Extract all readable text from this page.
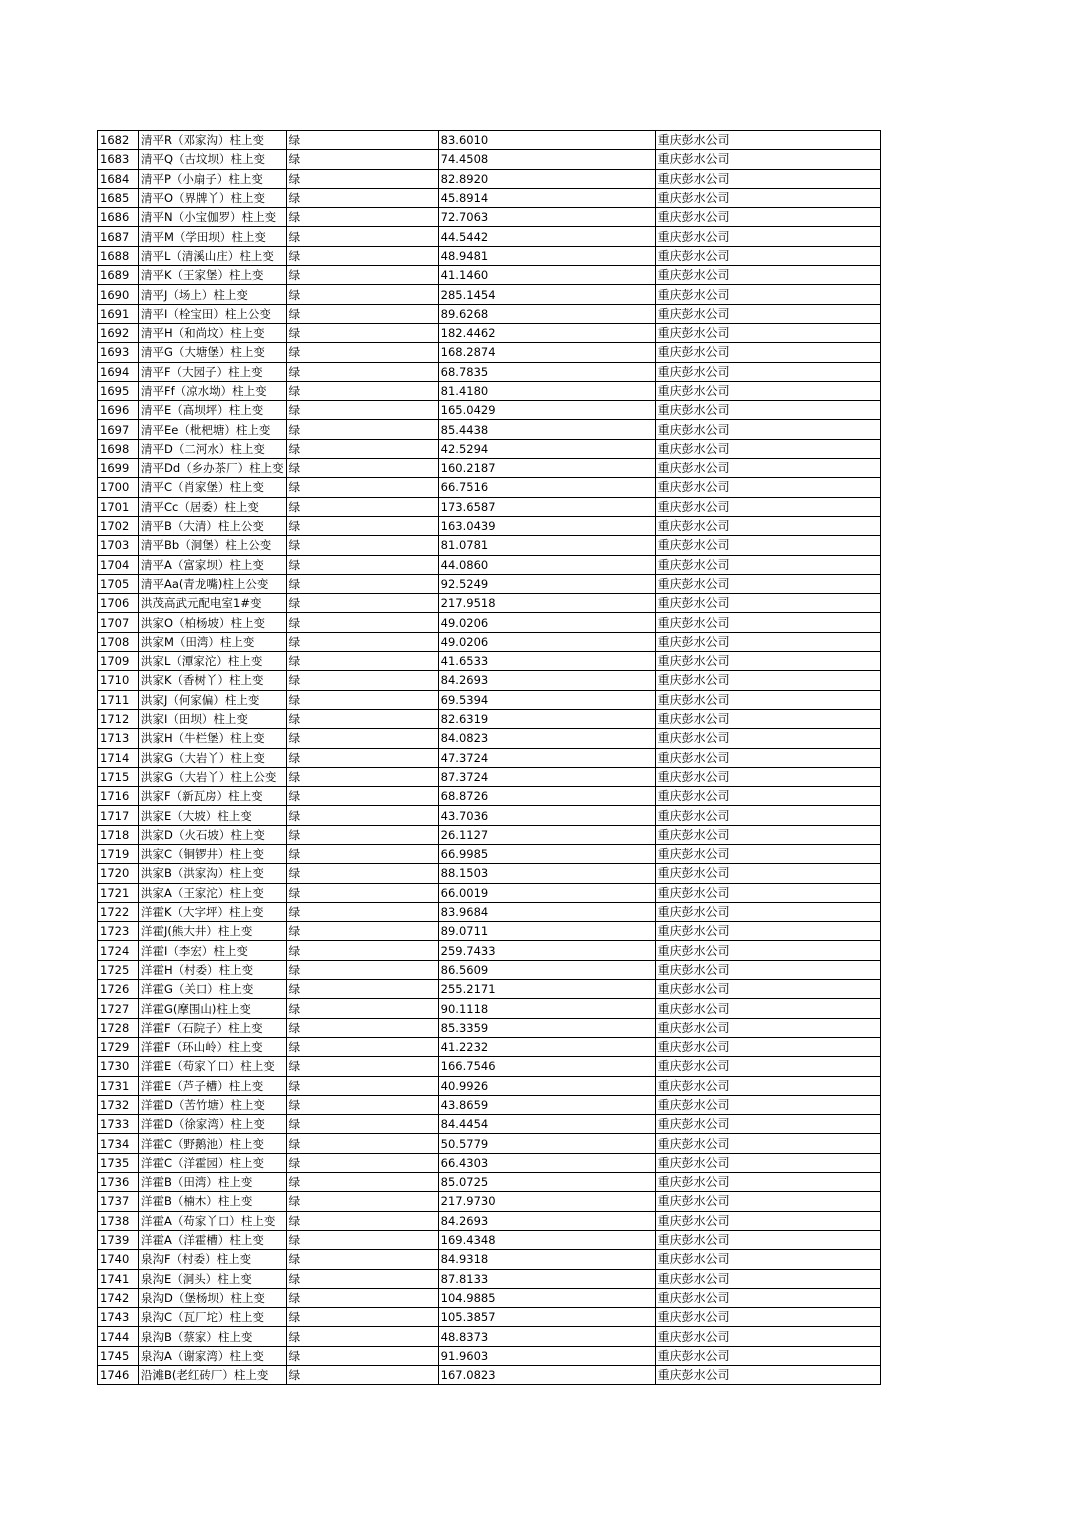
1682	清平R（邓家沟）柱上变	绿	83.6010	重庆彭水公司
1683	清平Q（古坟坝）柱上变	绿	74.4508	重庆彭水公司
1684	清平P（小扇子）柱上变	绿	82.8920	重庆彭水公司
1685	清平O（界牌丫）柱上变	绿	45.8914	重庆彭水公司
1686	清平N（小宝伽罗）柱上变	绿	72.7063	重庆彭水公司
1687	清平M（学田坝）柱上变	绿	44.5442	重庆彭水公司
1688	清平L（清溪山庄）柱上变	绿	48.9481	重庆彭水公司
1689	清平K（王家堡）柱上变	绿	41.1460	重庆彭水公司
1690	清平J（场上）柱上变	绿	285.1454	重庆彭水公司
1691	清平I（栓宝田）柱上公变	绿	89.6268	重庆彭水公司
1692	清平H（和尚坟）柱上变	绿	182.4462	重庆彭水公司
1693	清平G（大塘堡）柱上变	绿	168.2874	重庆彭水公司
1694	清平F（大园子）柱上变	绿	68.7835	重庆彭水公司
1695	清平Ff（凉水坳）柱上变	绿	81.4180	重庆彭水公司
1696	清平E（高坝坪）柱上变	绿	165.0429	重庆彭水公司
1697	清平Ee（枇杷塘）柱上变	绿	85.4438	重庆彭水公司
1698	清平D（二河水）柱上变	绿	42.5294	重庆彭水公司
1699	清平Dd（乡办茶厂）柱上变	绿	160.2187	重庆彭水公司
1700	清平C（肖家堡）柱上变	绿	66.7516	重庆彭水公司
1701	清平Cc（居委）柱上变	绿	173.6587	重庆彭水公司
1702	清平B（大清）柱上公变	绿	163.0439	重庆彭水公司
1703	清平Bb（洞堡）柱上公变	绿	81.0781	重庆彭水公司
1704	清平A（富家坝）柱上变	绿	44.0860	重庆彭水公司
1705	清平Aa(青龙嘴)柱上公变	绿	92.5249	重庆彭水公司
1706	洪茂高武元配电室1#变	绿	217.9518	重庆彭水公司
1707	洪家O（柏杨坡）柱上变	绿	49.0206	重庆彭水公司
1708	洪家M（田湾）柱上变	绿	49.0206	重庆彭水公司
1709	洪家L（潭家沱）柱上变	绿	41.6533	重庆彭水公司
1710	洪家K（香树丫）柱上变	绿	84.2693	重庆彭水公司
1711	洪家J（何家偏）柱上变	绿	69.5394	重庆彭水公司
1712	洪家I（田坝）柱上变	绿	82.6319	重庆彭水公司
1713	洪家H（牛栏堡）柱上变	绿	84.0823	重庆彭水公司
1714	洪家G（大岩丫）柱上变	绿	47.3724	重庆彭水公司
1715	洪家G（大岩丫）柱上公变	绿	87.3724	重庆彭水公司
1716	洪家F（新瓦房）柱上变	绿	68.8726	重庆彭水公司
1717	洪家E（大坡）柱上变	绿	43.7036	重庆彭水公司
1718	洪家D（火石坡）柱上变	绿	26.1127	重庆彭水公司
1719	洪家C（铜锣井）柱上变	绿	66.9985	重庆彭水公司
1720	洪家B（洪家沟）柱上变	绿	88.1503	重庆彭水公司
1721	洪家A（王家沱）柱上变	绿	66.0019	重庆彭水公司
1722	洋霍K（大字坪）柱上变	绿	83.9684	重庆彭水公司
1723	洋霍J(熊大井）柱上变	绿	89.0711	重庆彭水公司
1724	洋霍I（李宏）柱上变	绿	259.7433	重庆彭水公司
1725	洋霍H（村委）柱上变	绿	86.5609	重庆彭水公司
1726	洋霍G（关口）柱上变	绿	255.2171	重庆彭水公司
1727	洋霍G(摩围山)柱上变	绿	90.1118	重庆彭水公司
1728	洋霍F（石院子）柱上变	绿	85.3359	重庆彭水公司
1729	洋霍F（环山岭）柱上变	绿	41.2232	重庆彭水公司
1730	洋霍E（苟家丫口）柱上变	绿	166.7546	重庆彭水公司
1731	洋霍E（芦子槽）柱上变	绿	40.9926	重庆彭水公司
1732	洋霍D（苦竹塘）柱上变	绿	43.8659	重庆彭水公司
1733	洋霍D（徐家湾）柱上变	绿	84.4454	重庆彭水公司
1734	洋霍C（野鹅池）柱上变	绿	50.5779	重庆彭水公司
1735	洋霍C（洋霍园）柱上变	绿	66.4303	重庆彭水公司
1736	洋霍B（田湾）柱上变	绿	85.0725	重庆彭水公司
1737	洋霍B（楠木）柱上变	绿	217.9730	重庆彭水公司
1738	洋霍A（苟家丫口）柱上变	绿	84.2693	重庆彭水公司
1739	洋霍A（洋霍槽）柱上变	绿	169.4348	重庆彭水公司
1740	泉沟F（村委）柱上变	绿	84.9318	重庆彭水公司
1741	泉沟E（洞头）柱上变	绿	87.8133	重庆彭水公司
1742	泉沟D（堡杨坝）柱上变	绿	104.9885	重庆彭水公司
1743	泉沟C（瓦厂坨）柱上变	绿	105.3857	重庆彭水公司
1744	泉沟B（蔡家）柱上变	绿	48.8373	重庆彭水公司
1745	泉沟A（谢家湾）柱上变	绿	91.9603	重庆彭水公司
1746	沿滩B(老红砖厂）柱上变	绿	167.0823	重庆彭水公司
